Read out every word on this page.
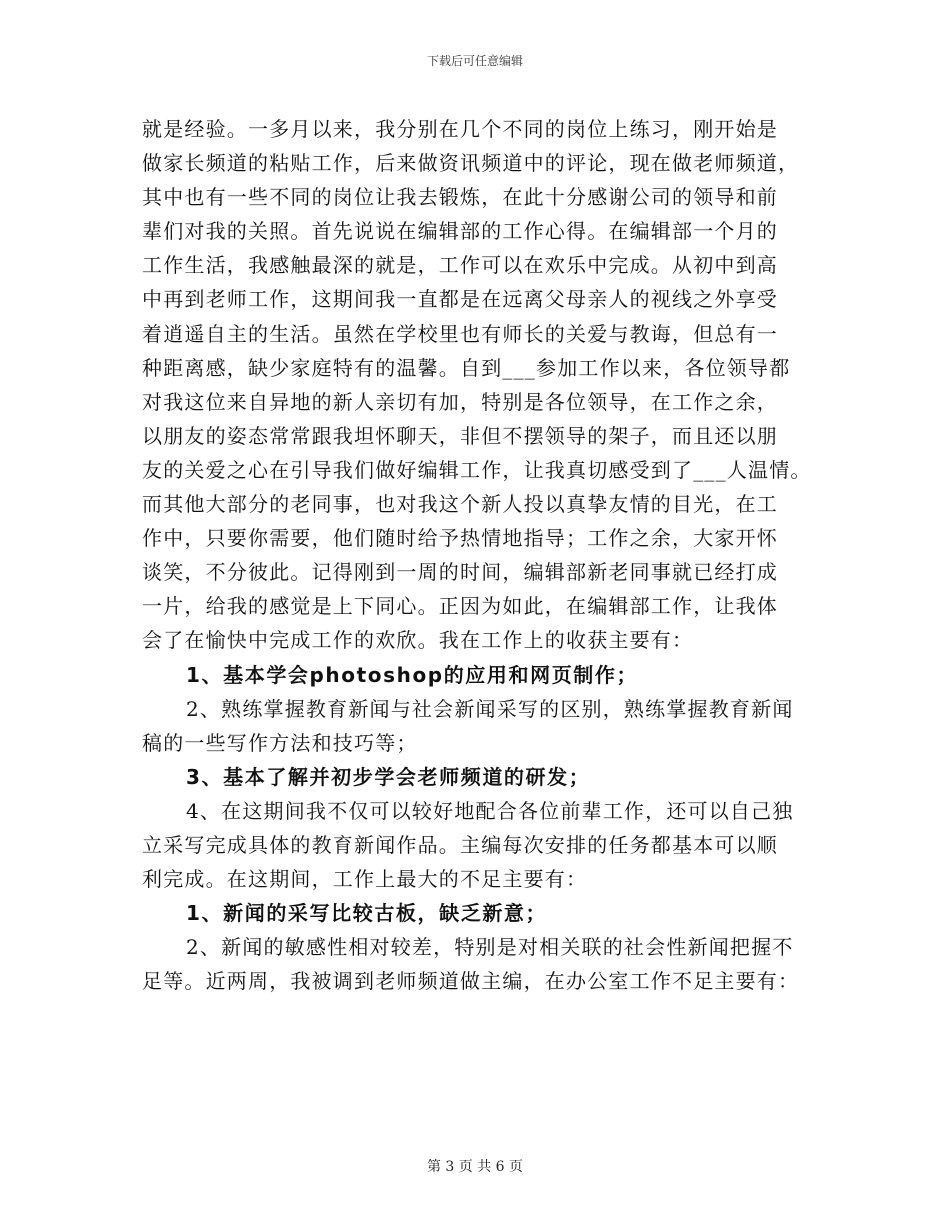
下载后可任意编辑
就是经验。一多月以来，我分别在几个不同的岗位上练习，刚开始是
做家长频道的粘贴工作，后来做资讯频道中的评论，现在做老师频道，
其中也有一些不同的岗位让我去锻炼，在此十分感谢公司的领导和前
辈们对我的关照。首先说说在编辑部的工作心得。在编辑部一个月的
工作生活，我感触最深的就是，工作可以在欢乐中完成。从初中到高
中再到老师工作，这期间我一直都是在远离父母亲人的视线之外享受
着逍遥自主的生活。虽然在学校里也有师长的关爱与教诲，但总有一
种距离感，缺少家庭特有的温馨。自到___参加工作以来，各位领导都
对我这位来自异地的新人亲切有加，特别是各位领导，在工作之余，
以朋友的姿态常常跟我坦怀聊天，非但不摆领导的架子，而且还以朋
友的关爱之心在引导我们做好编辑工作，让我真切感受到了___人温情。
而其他大部分的老同事，也对我这个新人投以真挚友情的目光，在工
作中，只要你需要，他们随时给予热情地指导；工作之余，大家开怀
谈笑，不分彼此。记得刚到一周的时间，编辑部新老同事就已经打成
一片，给我的感觉是上下同心。正因为如此，在编辑部工作，让我体
会了在愉快中完成工作的欢欣。我在工作上的收获主要有：
1、基本学会photoshop的应用和网页制作；
2、熟练掌握教育新闻与社会新闻采写的区别，熟练掌握教育新闻
稿的一些写作方法和技巧等；
3、基本了解并初步学会老师频道的研发；
4、在这期间我不仅可以较好地配合各位前辈工作，还可以自己独
立采写完成具体的教育新闻作品。主编每次安排的任务都基本可以顺
利完成。在这期间，工作上最大的不足主要有：
1、新闻的采写比较古板，缺乏新意；
2、新闻的敏感性相对较差，特别是对相关联的社会性新闻把握不
足等。近两周，我被调到老师频道做主编，在办公室工作不足主要有：
第 3 页 共 6 页
